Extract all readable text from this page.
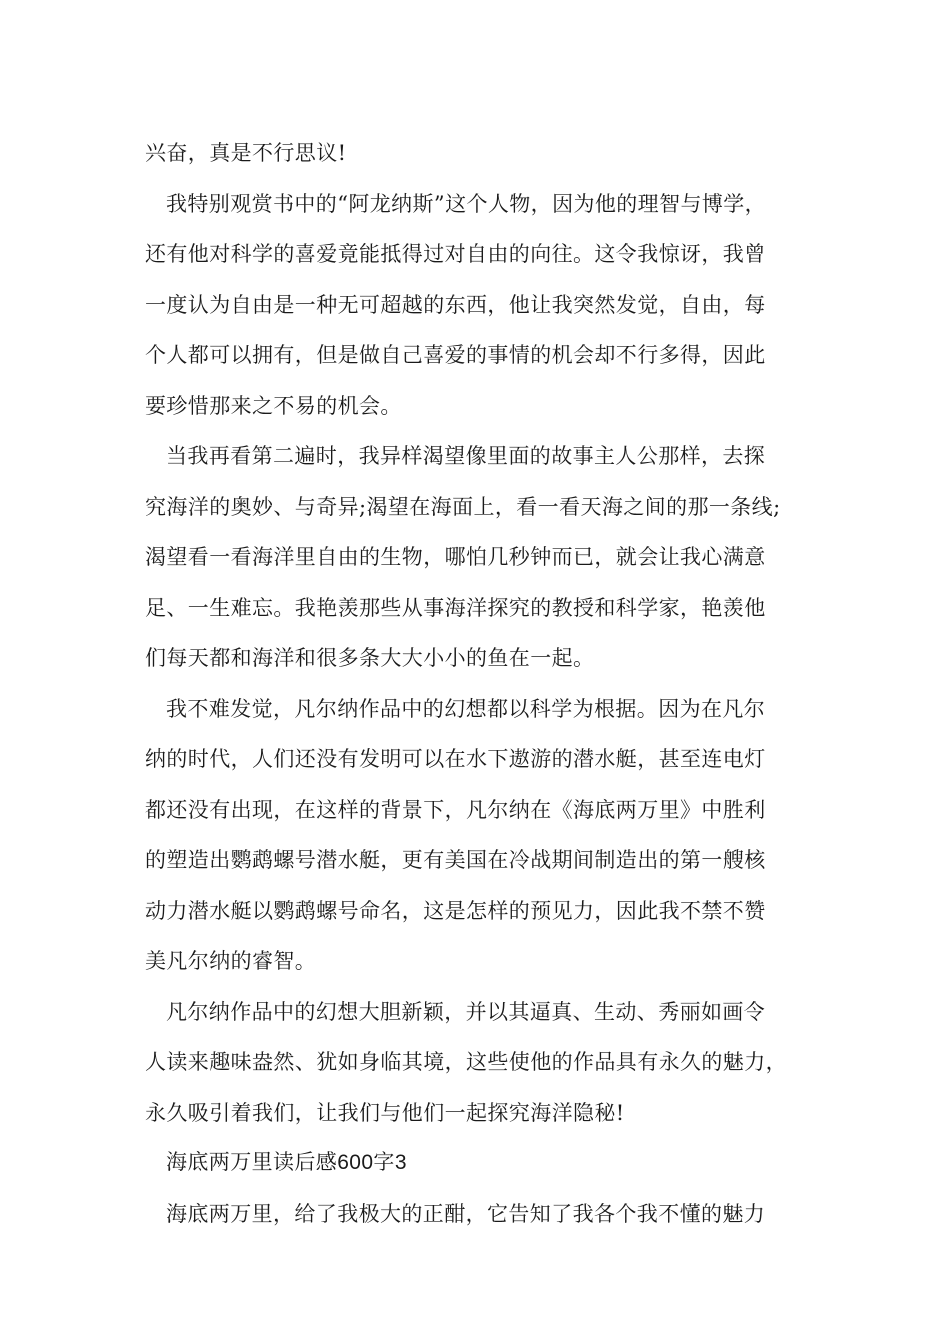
兴奋，真是不行思议!
我特别观赏书中的“阿龙纳斯”这个人物，因为他的理智与博学，
还有他对科学的喜爱竟能抵得过对自由的向往。这令我惊讶，我曾
一度认为自由是一种无可超越的东西，他让我突然发觉，自由，每
个人都可以拥有，但是做自己喜爱的事情的机会却不行多得，因此
要珍惜那来之不易的机会。
当我再看第二遍时，我异样渴望像里面的故事主人公那样，去探
究海洋的奥妙、与奇异;渴望在海面上，看一看天海之间的那一条线;
渴望看一看海洋里自由的生物，哪怕几秒钟而已，就会让我心满意
足、一生难忘。我艳羡那些从事海洋探究的教授和科学家，艳羡他
们每天都和海洋和很多条大大小小的鱼在一起。
我不难发觉，凡尔纳作品中的幻想都以科学为根据。因为在凡尔
纳的时代，人们还没有发明可以在水下遨游的潜水艇，甚至连电灯
都还没有出现，在这样的背景下，凡尔纳在《海底两万里》中胜利
的塑造出鹦鹉螺号潜水艇，更有美国在冷战期间制造出的第一艘核
动力潜水艇以鹦鹉螺号命名，这是怎样的预见力，因此我不禁不赞
美凡尔纳的睿智。
凡尔纳作品中的幻想大胆新颖，并以其逼真、生动、秀丽如画令
人读来趣味盎然、犹如身临其境，这些使他的作品具有永久的魅力，
永久吸引着我们，让我们与他们一起探究海洋隐秘!
海底两万里读后感600字3
海底两万里，给了我极大的正酣，它告知了我各个我不懂的魅力
